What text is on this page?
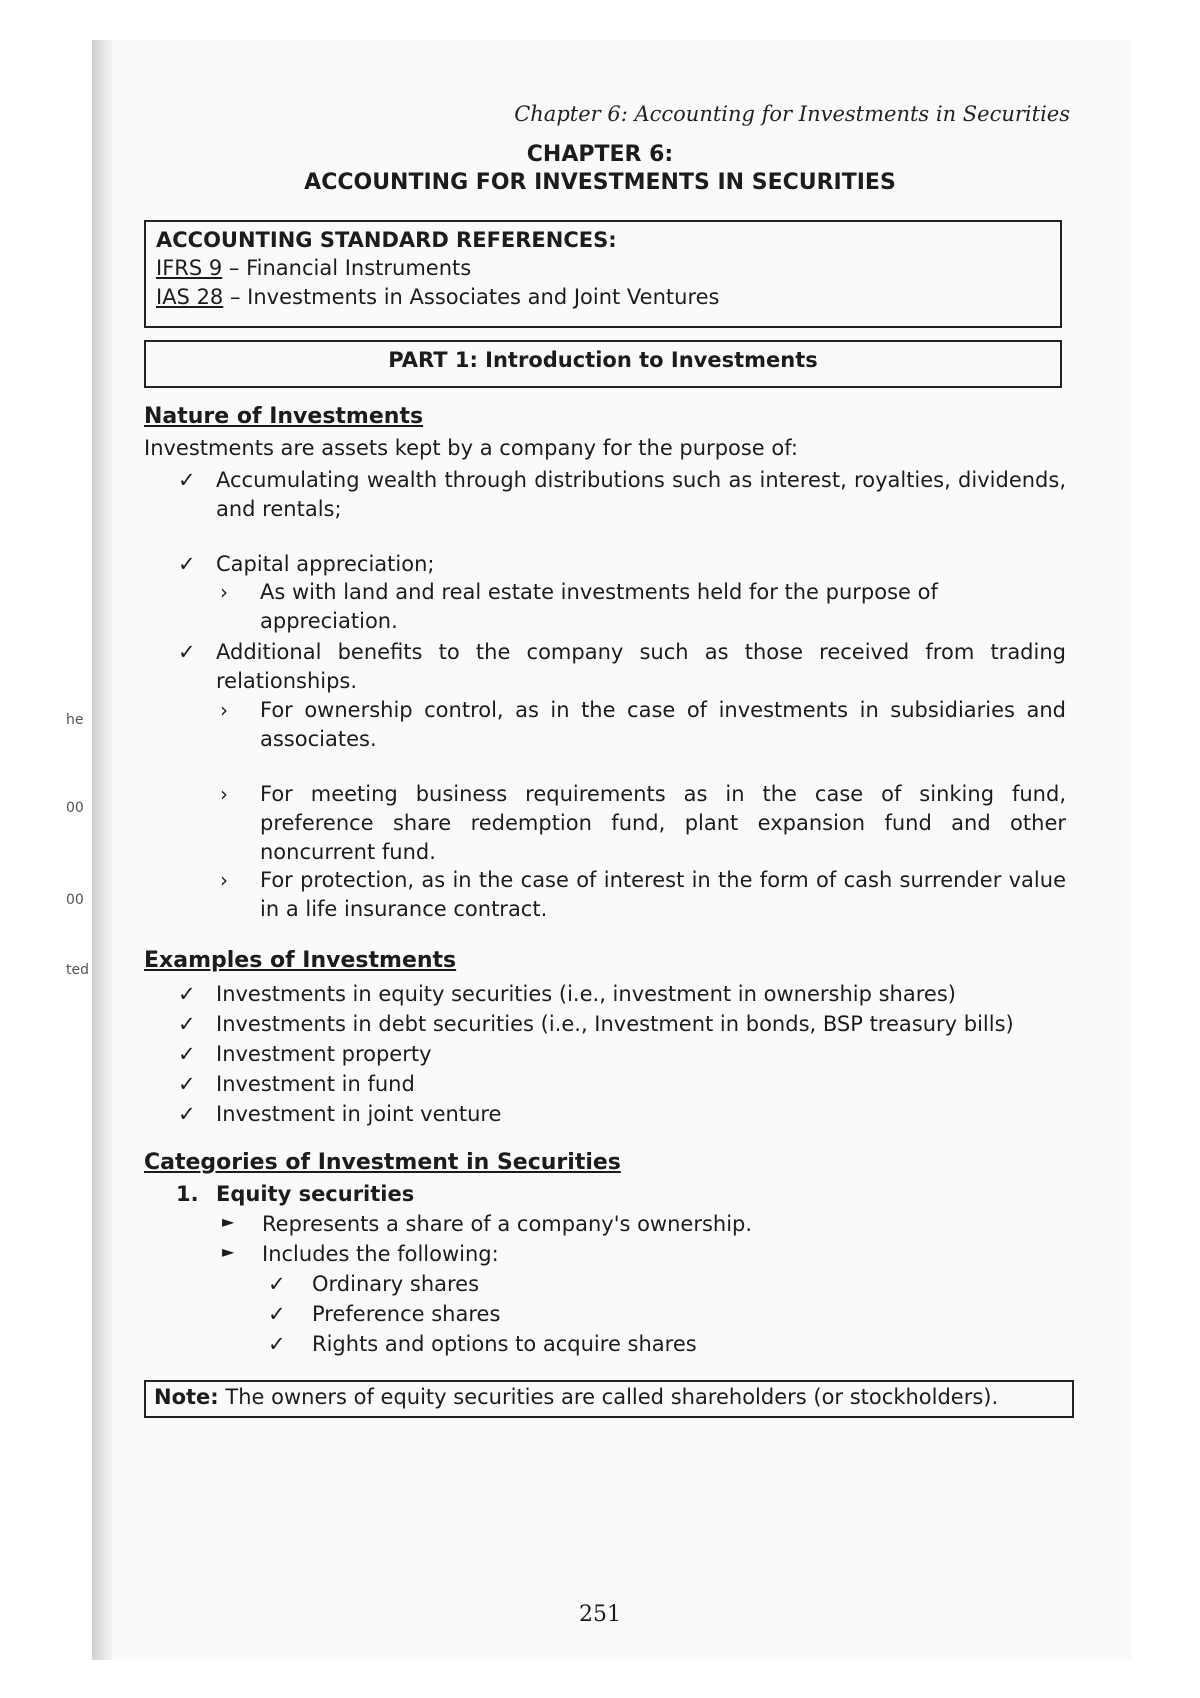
he
00
00
ted
Chapter 6: Accounting for Investments in Securities
CHAPTER 6:
ACCOUNTING FOR INVESTMENTS IN SECURITIES
ACCOUNTING STANDARD REFERENCES:
IFRS 9 – Financial Instruments
IAS 28 – Investments in Associates and Joint Ventures
PART 1: Introduction to Investments
Nature of Investments
Investments are assets kept by a company for the purpose of:
✓ Accumulating wealth through distributions such as interest, royalties, dividends, and rentals;
✓ Capital appreciation;
› As with land and real estate investments held for the purpose of appreciation.
✓ Additional benefits to the company such as those received from trading relationships.
› For ownership control, as in the case of investments in subsidiaries and associates.
› For meeting business requirements as in the case of sinking fund, preference share redemption fund, plant expansion fund and other noncurrent fund.
› For protection, as in the case of interest in the form of cash surrender value in a life insurance contract.
Examples of Investments
✓ Investments in equity securities (i.e., investment in ownership shares)
✓ Investments in debt securities (i.e., Investment in bonds, BSP treasury bills)
✓ Investment property
✓ Investment in fund
✓ Investment in joint venture
Categories of Investment in Securities
1. Equity securities
► Represents a share of a company's ownership.
► Includes the following:
✓ Ordinary shares
✓ Preference shares
✓ Rights and options to acquire shares
Note: The owners of equity securities are called shareholders (or stockholders).
251
